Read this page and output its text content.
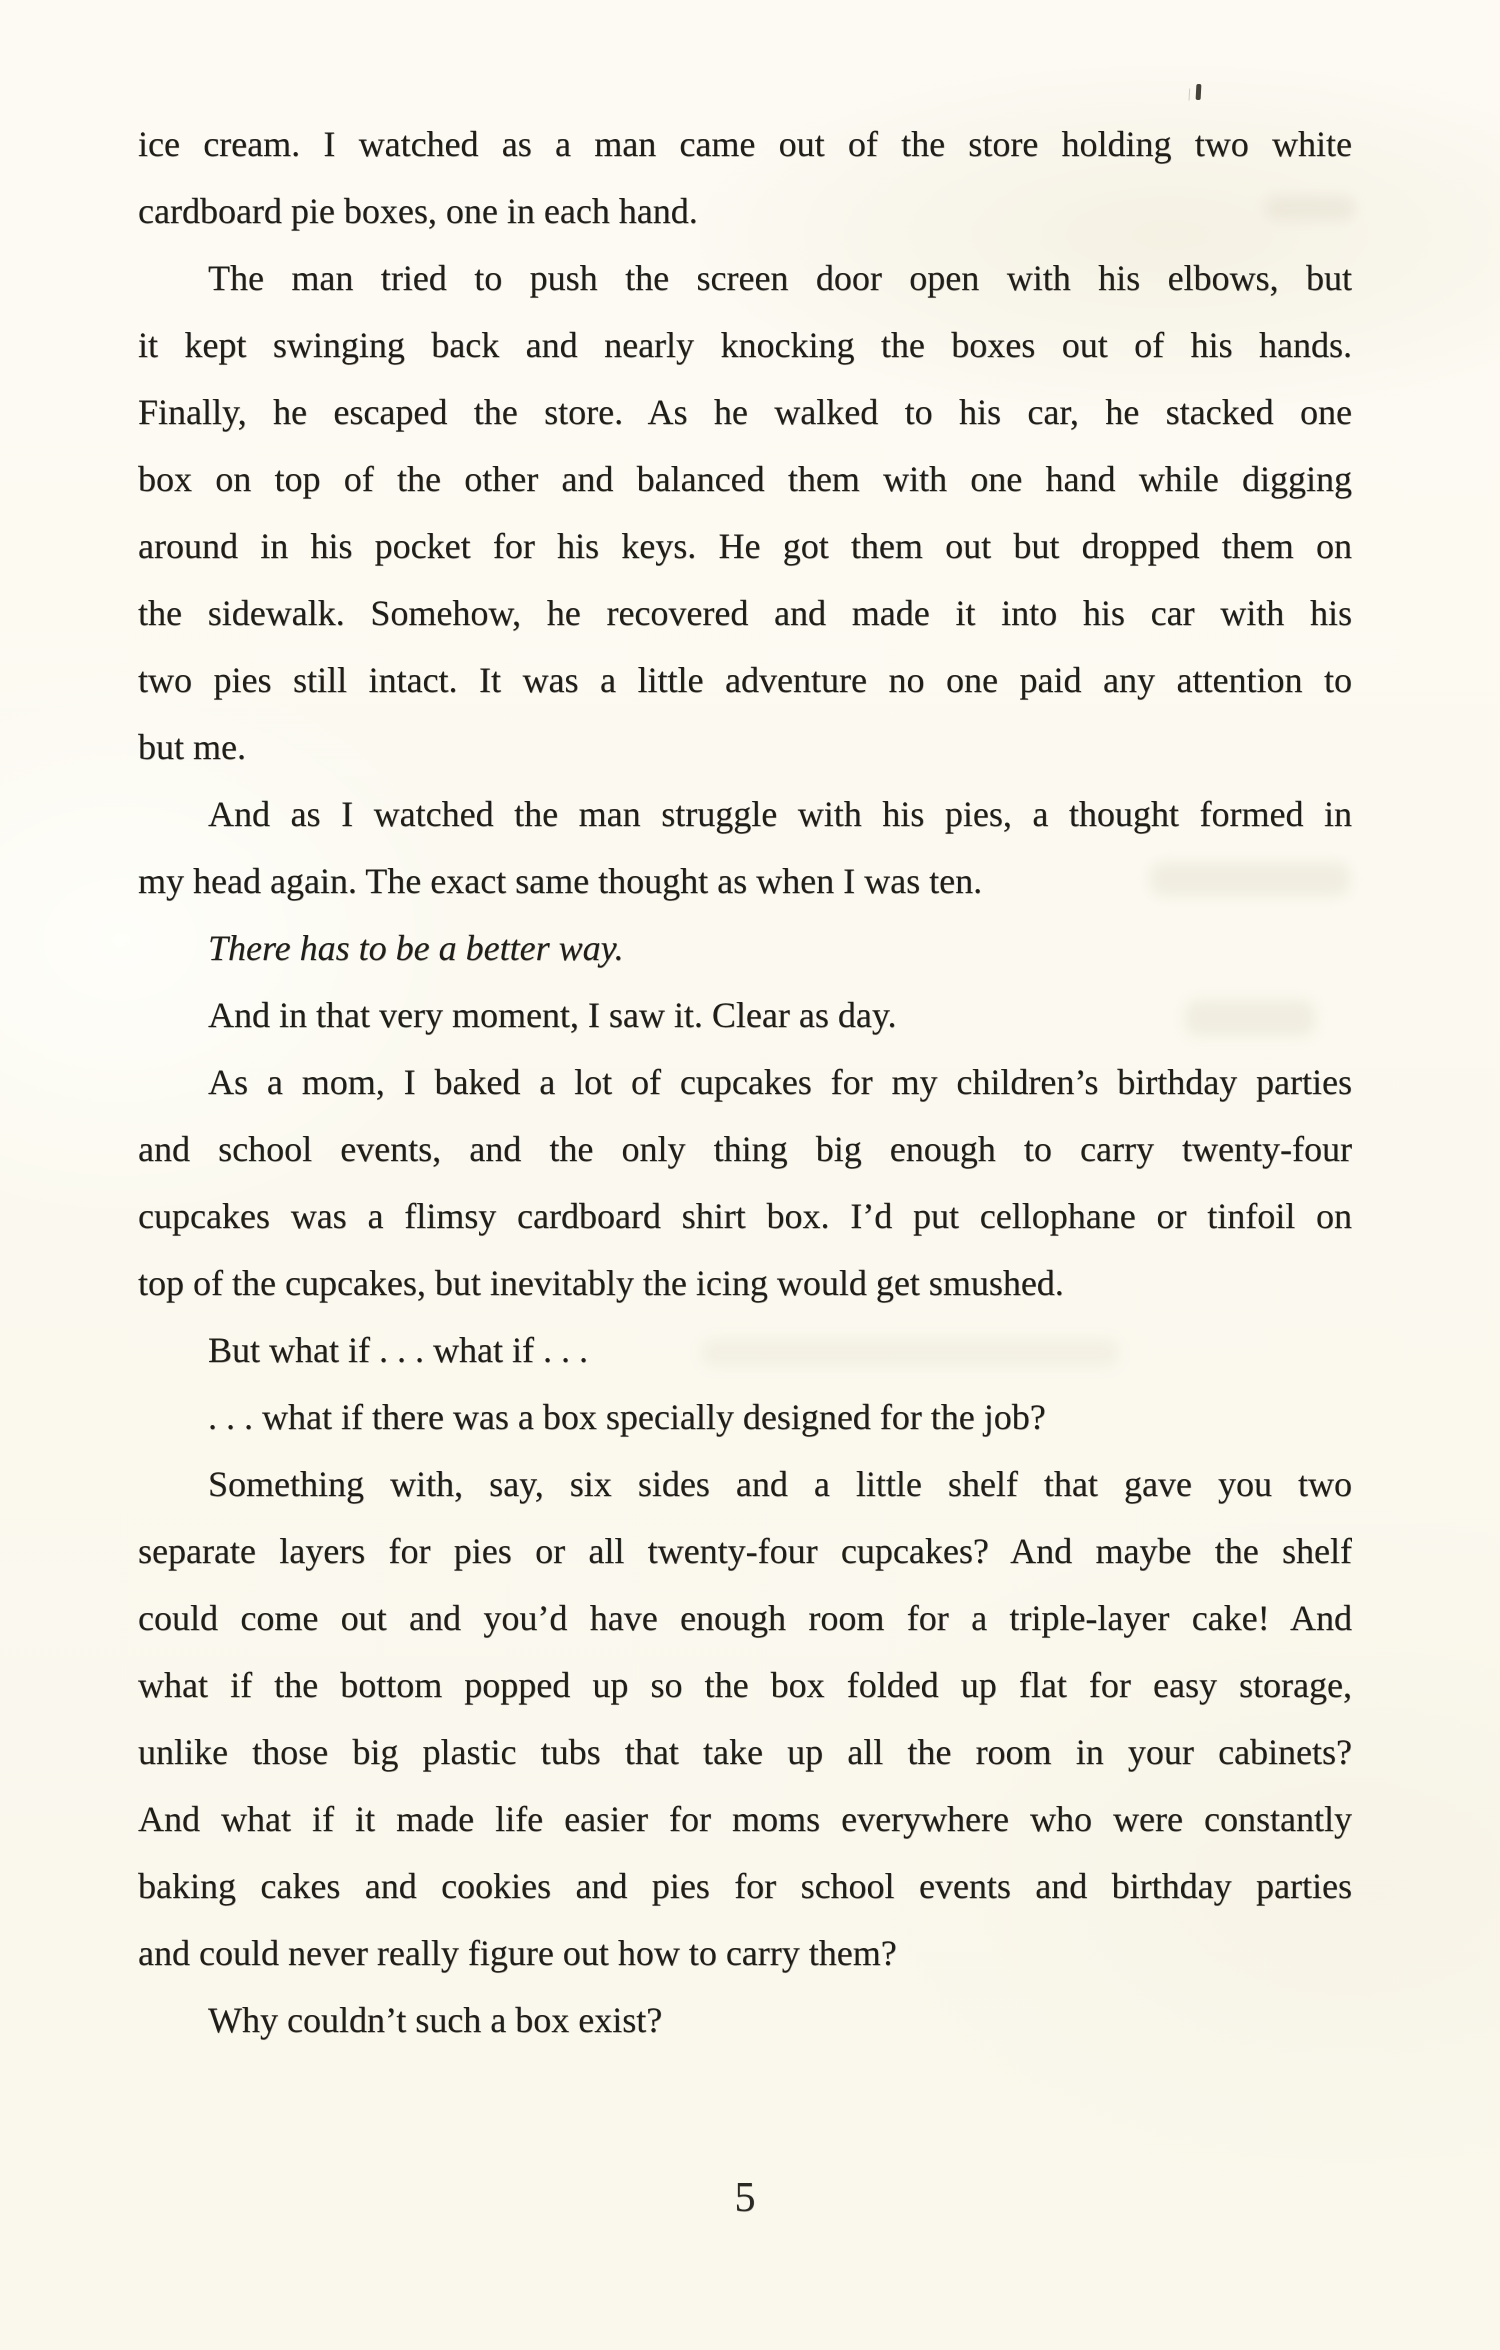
ice cream. I watched as a man came out of the store holding two white
cardboard pie boxes, one in each hand.
The man tried to push the screen door open with his elbows, but
it kept swinging back and nearly knocking the boxes out of his hands.
Finally, he escaped the store. As he walked to his car, he stacked one
box on top of the other and balanced them with one hand while digging
around in his pocket for his keys. He got them out but dropped them on
the sidewalk. Somehow, he recovered and made it into his car with his
two pies still intact. It was a little adventure no one paid any attention to
but me.
And as I watched the man struggle with his pies, a thought formed in
my head again. The exact same thought as when I was ten.
There has to be a better way.
And in that very moment, I saw it. Clear as day.
As a mom, I baked a lot of cupcakes for my children’s birthday parties
and school events, and the only thing big enough to carry twenty-four
cupcakes was a flimsy cardboard shirt box. I’d put cellophane or tinfoil on
top of the cupcakes, but inevitably the icing would get smushed.
But what if . . . what if . . .
. . . what if there was a box specially designed for the job?
Something with, say, six sides and a little shelf that gave you two
separate layers for pies or all twenty-four cupcakes? And maybe the shelf
could come out and you’d have enough room for a triple-layer cake! And
what if the bottom popped up so the box folded up flat for easy storage,
unlike those big plastic tubs that take up all the room in your cabinets?
And what if it made life easier for moms everywhere who were constantly
baking cakes and cookies and pies for school events and birthday parties
and could never really figure out how to carry them?
Why couldn’t such a box exist?
5
